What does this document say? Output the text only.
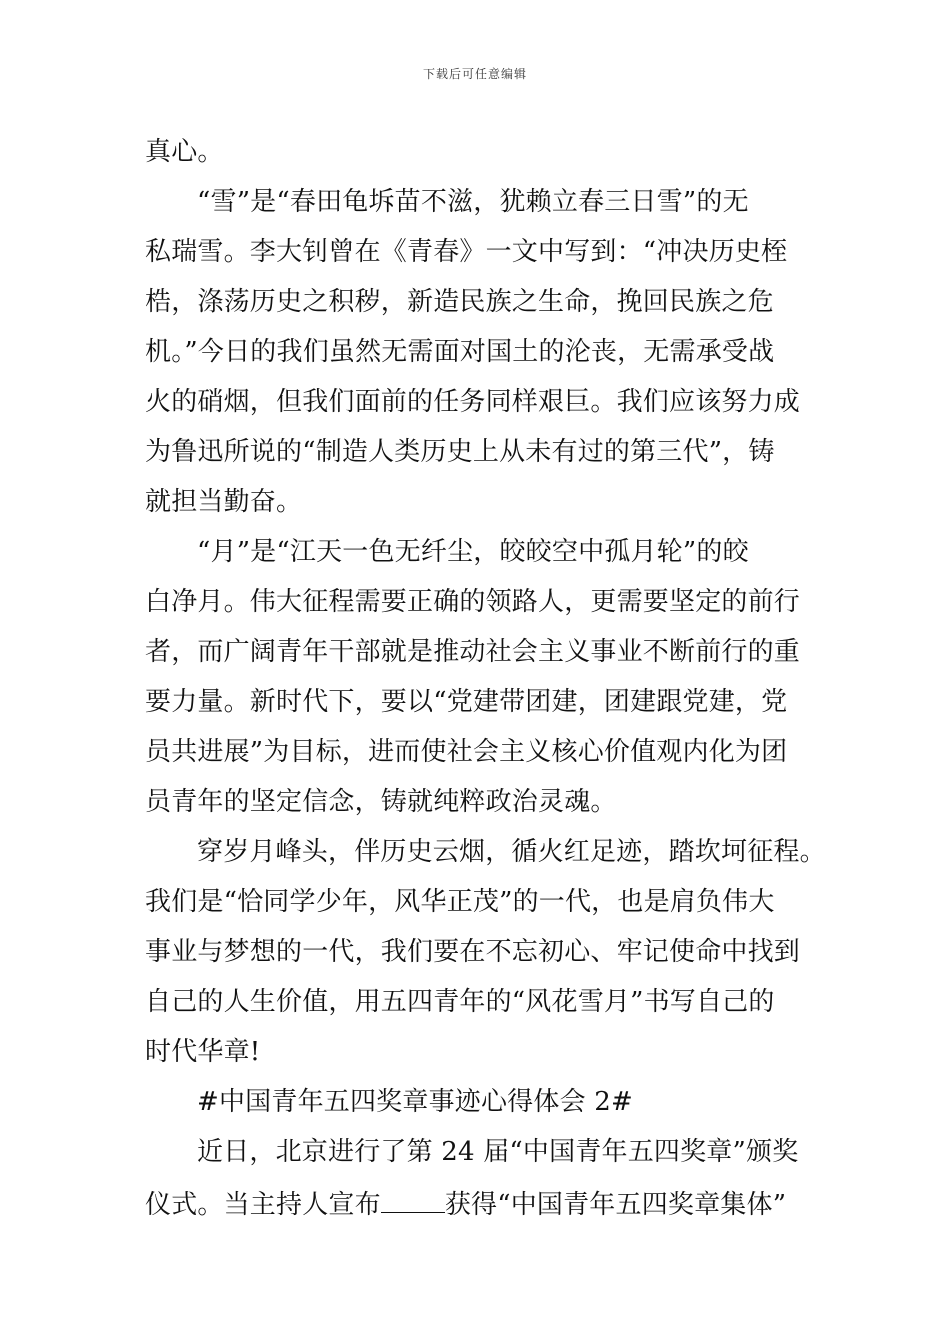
下载后可任意编辑
真心。
“雪”是“春田龟坼苗不滋，犹赖立春三日雪”的无
私瑞雪。李大钊曾在《青春》一文中写到：“冲决历史桎
梏，涤荡历史之积秽，新造民族之生命，挽回民族之危
机。”今日的我们虽然无需面对国土的沦丧，无需承受战
火的硝烟，但我们面前的任务同样艰巨。我们应该努力成
为鲁迅所说的“制造人类历史上从未有过的第三代”，铸
就担当勤奋。
“月”是“江天一色无纤尘，皎皎空中孤月轮”的皎
白净月。伟大征程需要正确的领路人，更需要坚定的前行
者，而广阔青年干部就是推动社会主义事业不断前行的重
要力量。新时代下，要以“党建带团建，团建跟党建，党
员共进展”为目标，进而使社会主义核心价值观内化为团
员青年的坚定信念，铸就纯粹政治灵魂。
穿岁月峰头，伴历史云烟，循火红足迹，踏坎坷征程。
我们是“恰同学少年，风华正茂”的一代，也是肩负伟大
事业与梦想的一代，我们要在不忘初心、牢记使命中找到
自己的人生价值，用五四青年的“风花雪月”书写自己的
时代华章!
#中国青年五四奖章事迹心得体会 2#
近日，北京进行了第 24 届“中国青年五四奖章”颁奖
仪式。当主持人宣布 获得“中国青年五四奖章集体”
